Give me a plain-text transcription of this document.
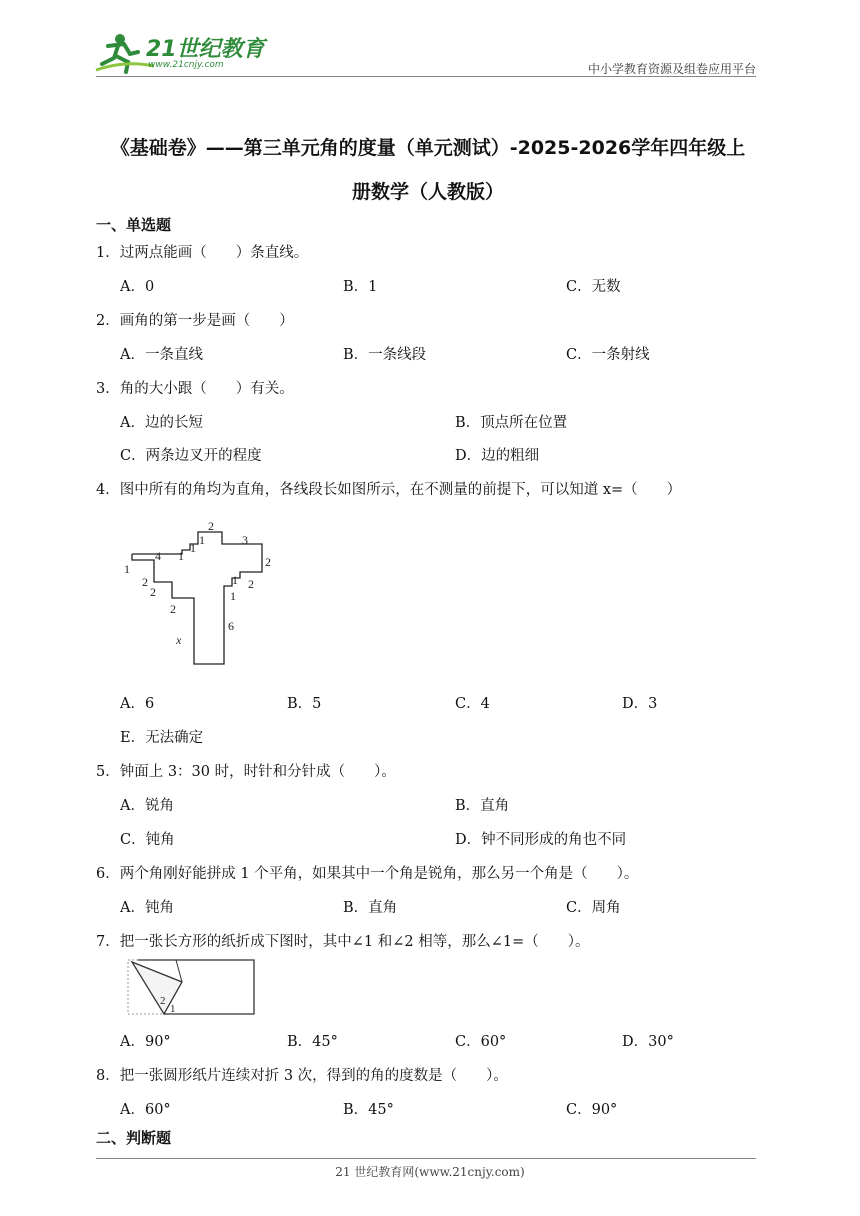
21世纪教育
www.21cnjy.com	中小学教育资源及组卷应用平台
《基础卷》——第三单元角的度量（单元测试）-2025-2026学年四年级上
册数学（人教版）
一、单选题
1．过两点能画（　　）条直线。
A．0	B．1	C．无数
2．画角的第一步是画（　　）
A．一条直线	B．一条线段	C．一条射线
3．角的大小跟（　　）有关。
A．边的长短	B．顶点所在位置
C．两条边叉开的程度	D．边的粗细
4．图中所有的角均为直角，各线段长如图所示，在不测量的前提下，可以知道 x=（　　）
2
4 1
1
1	3
2
1
2
2
1
1
2
2
6
x
A．6	B．5	C．4	D．3
E．无法确定
5．钟面上 3：30 时，时针和分针成（　　）。
A．锐角	B．直角
C．钝角	D．钟不同形成的角也不同
6．两个角刚好能拼成 1 个平角，如果其中一个角是锐角，那么另一个角是（　　）。
A．钝角	B．直角	C．周角
7．把一张长方形的纸折成下图时，其中∠1 和∠2 相等，那么∠1=（　　）。
2
1
A．90°	B．45°	C．60°	D．30°
8．把一张圆形纸片连续对折 3 次，得到的角的度数是（　　）。
A．60°	B．45°	C．90°
二、判断题
21 世纪教育网(www.21cnjy.com)
